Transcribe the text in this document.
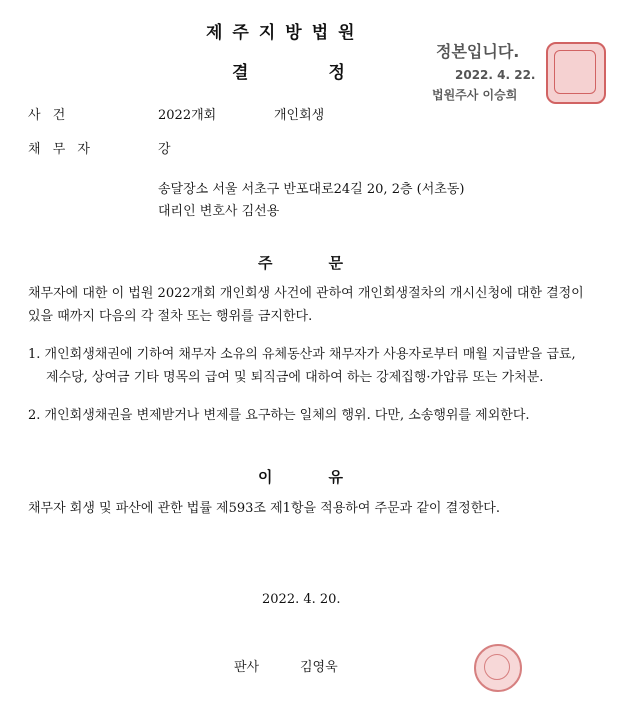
제주지방법원
결	정
정본입니다.
2022. 4. 22.
법원주사 이승희
사 건	2022개회	개인회생
채 무 자	강
송달장소 서울 서초구 반포대로24길 20, 2층 (서초동)
대리인 변호사 김선용
주	문
채무자에 대한 이 법원 2022개회 개인회생 사건에 관하여 개인회생절차의 개시신청에 대한 결정이 있을 때까지 다음의 각 절차 또는 행위를 금지한다.
1. 개인회생채권에 기하여 채무자 소유의 유체동산과 채무자가 사용자로부터 매월 지급받을 급료, 제수당, 상여금 기타 명목의 급여 및 퇴직금에 대하여 하는 강제집행·가압류 또는 가처분.
2. 개인회생채권을 변제받거나 변제를 요구하는 일체의 행위. 다만, 소송행위를 제외한다.
이	유
채무자 회생 및 파산에 관한 법률 제593조 제1항을 적용하여 주문과 같이 결정한다.
2022. 4. 20.
판사	김영욱
